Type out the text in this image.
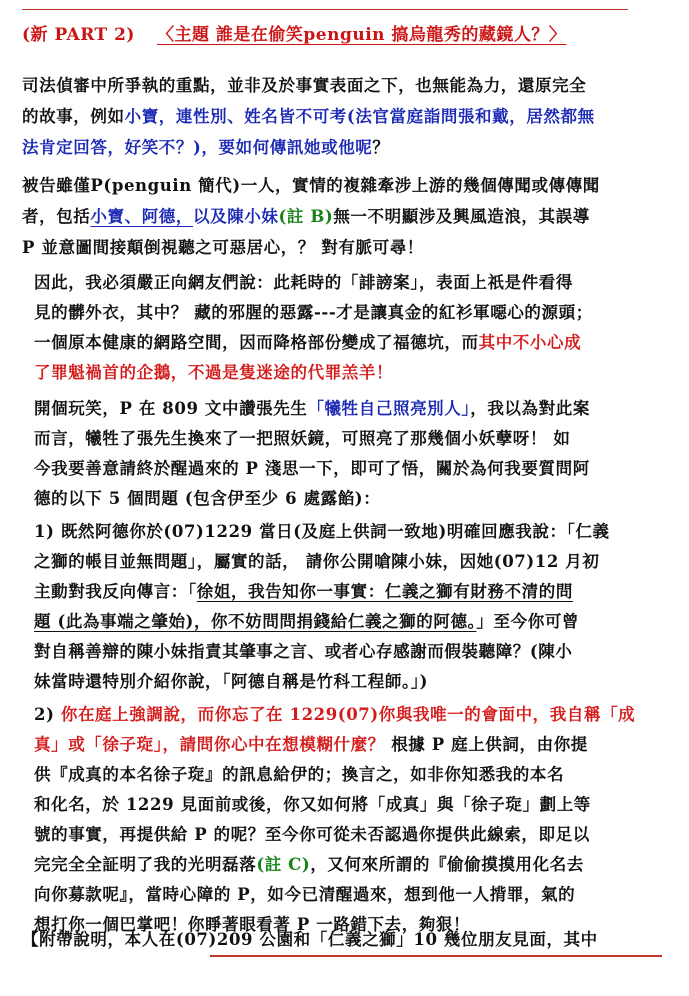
(新 PART 2) 〈主題 誰是在偷笑penguin 搞烏龍秀的藏鏡人？〉
司法偵審中所爭執的重點，並非及於事實表面之下，也無能為力，還原完全
的故事，例如小寶，連性別、姓名皆不可考(法官當庭詣問張和戴，居然都無
法肯定回答，好笑不？)，要如何傳訊她或他呢？
被告雖僅P(penguin 簡代)一人，實情的複雜牽涉上游的幾個傳聞或傳傳聞
者，包括小寶、阿德，以及陳小妹(註 B)無一不明顯涉及興風造浪，其誤導
P 並意圖間接顛倒視聽之可惡居心，？ 對有脈可尋！
因此，我必須嚴正向網友們說：此耗時的「誹謗案」，表面上祇是件看得
見的髒外衣，其中？ 藏的邪腥的惡露---才是讓真金的紅衫軍噁心的源頭；
一個原本健康的網路空間，因而降格部份變成了福德坑，而其中不小心成
了罪魁禍首的企鵝，不過是隻迷途的代罪羔羊！
開個玩笑，P 在 809 文中讚張先生「犧牲自己照亮別人」，我以為對此案
而言，犧牲了張先生換來了一把照妖鏡，可照亮了那幾個小妖孽呀！ 如
今我要善意請終於醒過來的 P 淺思一下，即可了悟，關於為何我要質問阿
德的以下 5 個問題 (包含伊至少 6 處露餡)：
1) 既然阿德你於(07)1229 當日(及庭上供詞一致地)明確回應我說：「仁義
之獅的帳目並無問題」，屬實的話， 請你公開嗆陳小妹，因她(07)12 月初
主動對我反向傳言：「徐姐，我告知你一事實：仁義之獅有財務不清的問
題 (此為事端之肇始)，你不妨問問捐錢給仁義之獅的阿德。」至今你可曾
對自稱善辯的陳小妹指責其肇事之言、或者心存感謝而假裝聽障？(陳小
妹當時還特別介紹你說，「阿德自稱是竹科工程師。」)
2) 你在庭上強調說，而你忘了在 1229(07)你與我唯一的會面中，我自稱「成
真」或「徐子琁」，請問你心中在想模糊什麼？ 根據 P 庭上供詞，由你提
供『成真的本名徐子琁』的訊息給伊的；換言之，如非你知悉我的本名
和化名，於 1229 見面前或後，你又如何將「成真」與「徐子琁」劃上等
號的事實，再提供給 P 的呢？至今你可從未否認過你提供此線索，即足以
完完全全証明了我的光明磊落(註 C)，又何來所謂的『偷偷摸摸用化名去
向你募款呢』，當時心障的 P，如今已清醒過來，想到他一人揹罪，氣的
想打你一個巴掌吧！你睜著眼看著 P 一路錯下去，夠狠！
【附帶說明，本人在(07)209 公園和「仁義之獅」10 幾位朋友見面，其中
